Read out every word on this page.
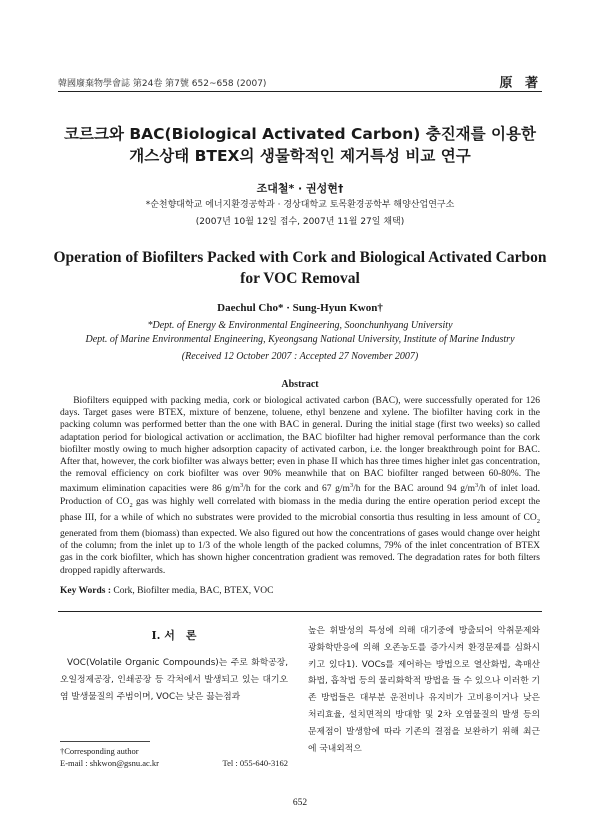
韓國廢棄物學會誌 第24卷 第7號 652~658 (2007)	原 著
코르크와 BAC(Biological Activated Carbon) 충진재를 이용한
개스상태 BTEX의 생물학적인 제거특성 비교 연구
조대철* · 권성현†
*순천향대학교 에너지환경공학과 · 경상대학교 토목환경공학부 해양산업연구소
(2007년 10월 12일 접수, 2007년 11월 27일 채택)
Operation of Biofilters Packed with Cork and Biological Activated Carbon
for VOC Removal
Daechul Cho* · Sung-Hyun Kwon†
*Dept. of Energy & Environmental Engineering, Soonchunhyang University
Dept. of Marine Environmental Engineering, Kyeongsang National University, Institute of Marine Industry
(Received 12 October 2007 : Accepted 27 November 2007)
Abstract
Biofilters equipped with packing media, cork or biological activated carbon (BAC), were successfully operated for 126 days. Target gases were BTEX, mixture of benzene, toluene, ethyl benzene and xylene. The biofilter having cork in the packing column was performed better than the one with BAC in general. During the initial stage (first two weeks) so called adaptation period for biological activation or acclimation, the BAC biofilter had higher removal performance than the cork biofilter mostly owing to much higher adsorption capacity of activated carbon, i.e. the longer breakthrough point for BAC. After that, however, the cork biofilter was always better; even in phase II which has three times higher inlet gas concentration, the removal efficiency on cork biofilter was over 90% meanwhile that on BAC biofilter ranged between 60-80%. The maximum elimination capacities were 86 $g/m^3/h$ for the cork and 67 $g/m^3/h$ for the BAC around 94 $g/m^3/h$ of inlet load. Production of $CO_2$ gas was highly well correlated with biomass in the media during the entire operation period except the phase III, for a while of which no substrates were provided to the microbial consortia thus resulting in less amount of $CO_2$ generated from them (biomass) than expected. We also figured out how the concentrations of gases would change over height of the column; from the inlet up to 1/3 of the whole length of the packed columns, 79% of the inlet concentration of BTEX gas in the cork biofilter, which has shown higher concentration gradient was removed. The degradation rates for both filters dropped rapidly afterwards.
Key Words : Cork, Biofilter media, BAC, BTEX, VOC
I. 서　론
VOC(Volatile Organic Compounds)는 주로 화학공장, 오일정제공장, 인쇄공장 등 각처에서 발생되고 있는 대기오염 발생물질의 주범이며, VOC는 낮은 끓는점과
높은 휘발성의 특성에 의해 대기중에 방출되어 악취문제와 광화학반응에 의해 오존농도를 증가시켜 환경문제를 심화시키고 있다1). VOCs를 제어하는 방법으로 열산화법, 촉매산화법, 흡착법 등의 물리화학적 방법을 들 수 있으나 이러한 기존 방법들은 대부분 운전비나 유지비가 고비용이거나 낮은 처리효율, 설치면적의 방대함 및 2차 오염물질의 발생 등의 문제점이 발생함에 따라 기존의 결점을 보완하기 위해 최근에 국내외적으
†Corresponding author
E-mail : shkwon@gsnu.ac.kr	Tel : 055-640-3162
652
